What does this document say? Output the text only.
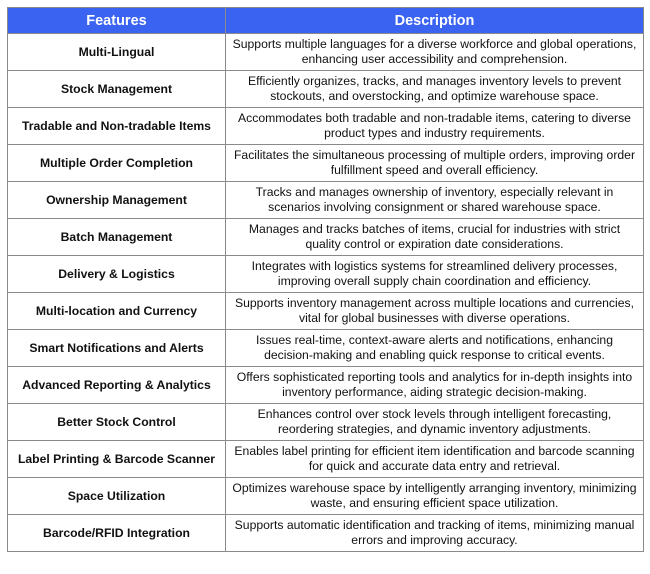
Features	Description
Multi-Lingual	Supports multiple languages for a diverse workforce and global operations, enhancing user accessibility and comprehension.
Stock Management	Efficiently organizes, tracks, and manages inventory levels to prevent stockouts, and overstocking, and optimize warehouse space.
Tradable and Non-tradable Items	Accommodates both tradable and non-tradable items, catering to diverse product types and industry requirements.
Multiple Order Completion	Facilitates the simultaneous processing of multiple orders, improving order fulfillment speed and overall efficiency.
Ownership Management	Tracks and manages ownership of inventory, especially relevant in scenarios involving consignment or shared warehouse space.
Batch Management	Manages and tracks batches of items, crucial for industries with strict quality control or expiration date considerations.
Delivery & Logistics	Integrates with logistics systems for streamlined delivery processes, improving overall supply chain coordination and efficiency.
Multi-location and Currency	Supports inventory management across multiple locations and currencies, vital for global businesses with diverse operations.
Smart Notifications and Alerts	Issues real-time, context-aware alerts and notifications, enhancing decision-making and enabling quick response to critical events.
Advanced Reporting & Analytics	Offers sophisticated reporting tools and analytics for in-depth insights into inventory performance, aiding strategic decision-making.
Better Stock Control	Enhances control over stock levels through intelligent forecasting, reordering strategies, and dynamic inventory adjustments.
Label Printing & Barcode Scanner	Enables label printing for efficient item identification and barcode scanning for quick and accurate data entry and retrieval.
Space Utilization	Optimizes warehouse space by intelligently arranging inventory, minimizing waste, and ensuring efficient space utilization.
Barcode/RFID Integration	Supports automatic identification and tracking of items, minimizing manual errors and improving accuracy.
